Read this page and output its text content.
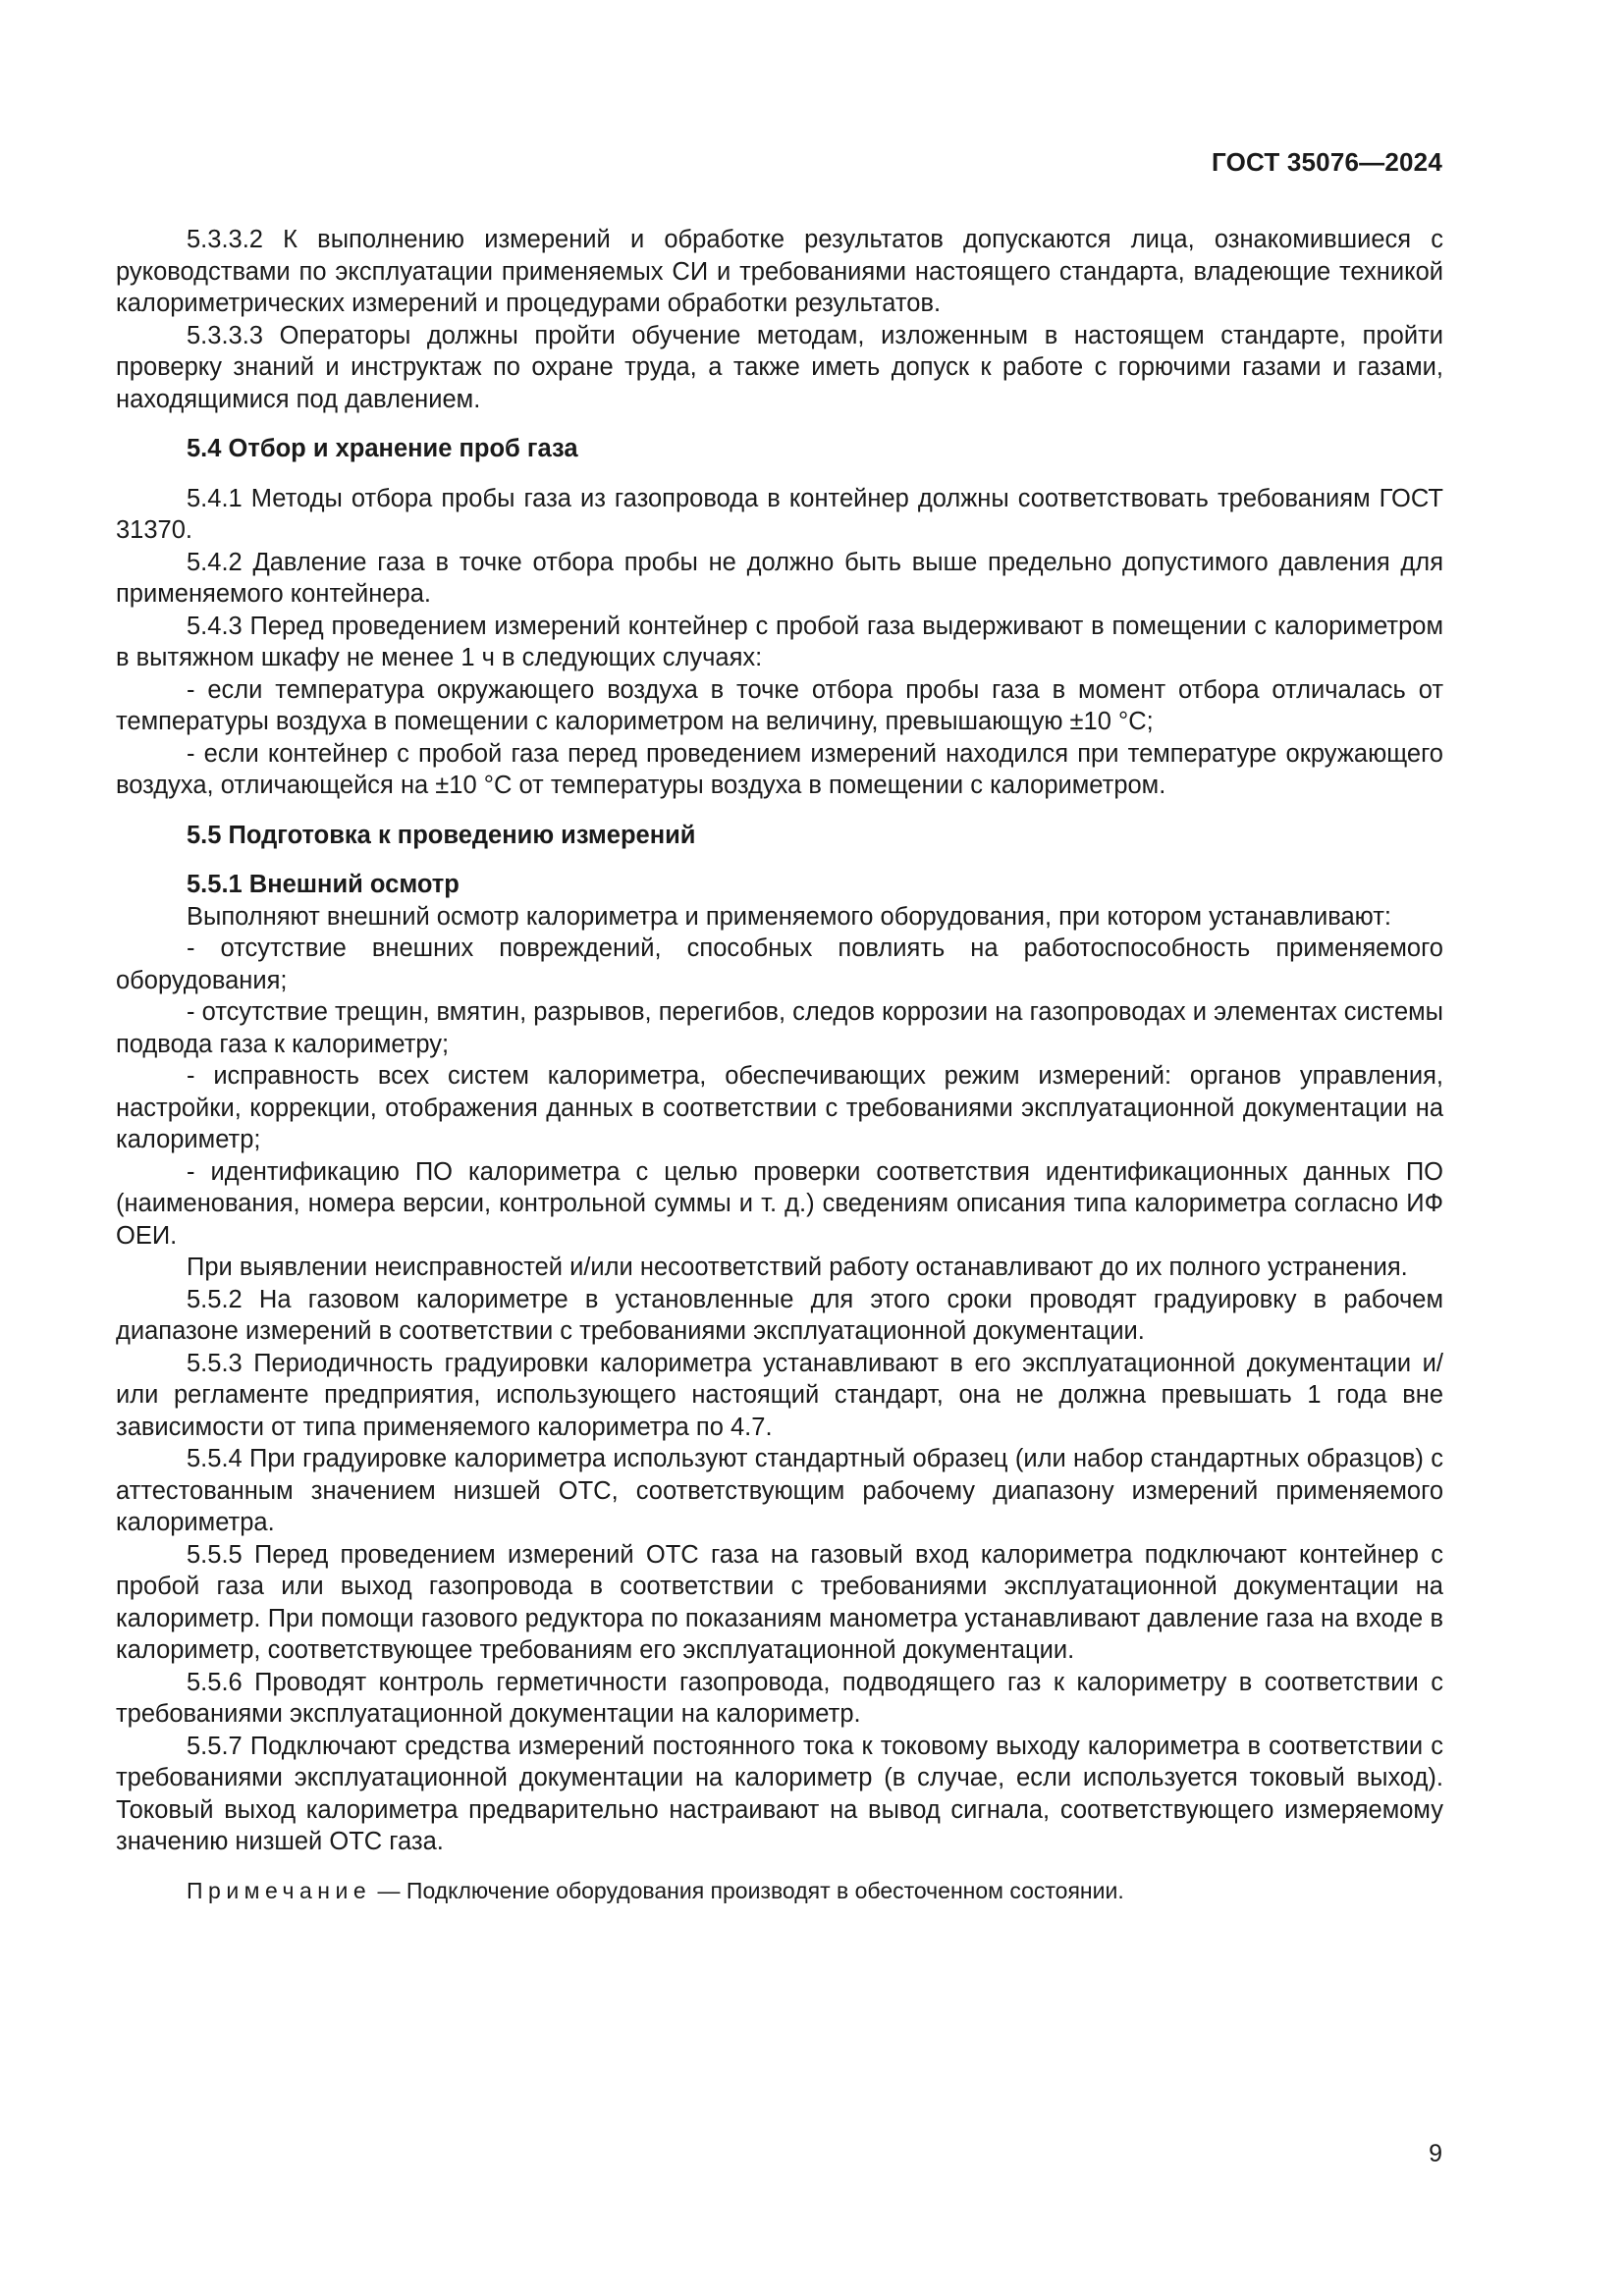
ГОСТ 35076—2024

5.3.3.2 К выполнению измерений и обработке результатов допускаются лица, ознакомившиеся с руководствами по эксплуатации применяемых СИ и требованиями настоящего стандарта, владеющие техникой калориметрических измерений и процедурами обработки результатов.

5.3.3.3 Операторы должны пройти обучение методам, изложенным в настоящем стандарте, пройти проверку знаний и инструктаж по охране труда, а также иметь допуск к работе с горючими газами и газами, находящимися под давлением.

5.4 Отбор и хранение проб газа

5.4.1 Методы отбора пробы газа из газопровода в контейнер должны соответствовать требованиям ГОСТ 31370.

5.4.2 Давление газа в точке отбора пробы не должно быть выше предельно допустимого давления для применяемого контейнера.

5.4.3 Перед проведением измерений контейнер с пробой газа выдерживают в помещении с калориметром в вытяжном шкафу не менее 1 ч в следующих случаях:

- если температура окружающего воздуха в точке отбора пробы газа в момент отбора отличалась от температуры воздуха в помещении с калориметром на величину, превышающую ±10 °С;

- если контейнер с пробой газа перед проведением измерений находился при температуре окружающего воздуха, отличающейся на ±10 °С от температуры воздуха в помещении с калориметром.

5.5 Подготовка к проведению измерений

5.5.1 Внешний осмотр

Выполняют внешний осмотр калориметра и применяемого оборудования, при котором устанавливают:

- отсутствие внешних повреждений, способных повлиять на работоспособность применяемого оборудования;

- отсутствие трещин, вмятин, разрывов, перегибов, следов коррозии на газопроводах и элементах системы подвода газа к калориметру;

- исправность всех систем калориметра, обеспечивающих режим измерений: органов управления, настройки, коррекции, отображения данных в соответствии с требованиями эксплуатационной документации на калориметр;

- идентификацию ПО калориметра с целью проверки соответствия идентификационных данных ПО (наименования, номера версии, контрольной суммы и т. д.) сведениям описания типа калориметра согласно ИФ ОЕИ.

При выявлении неисправностей и/или несоответствий работу останавливают до их полного устранения.

5.5.2 На газовом калориметре в установленные для этого сроки проводят градуировку в рабочем диапазоне измерений в соответствии с требованиями эксплуатационной документации.

5.5.3 Периодичность градуировки калориметра устанавливают в его эксплуатационной документации и/или регламенте предприятия, использующего настоящий стандарт, она не должна превышать 1 года вне зависимости от типа применяемого калориметра по 4.7.

5.5.4 При градуировке калориметра используют стандартный образец (или набор стандартных образцов) с аттестованным значением низшей ОТС, соответствующим рабочему диапазону измерений применяемого калориметра.

5.5.5 Перед проведением измерений ОТС газа на газовый вход калориметра подключают контейнер с пробой газа или выход газопровода в соответствии с требованиями эксплуатационной документации на калориметр. При помощи газового редуктора по показаниям манометра устанавливают давление газа на входе в калориметр, соответствующее требованиям его эксплуатационной документации.

5.5.6 Проводят контроль герметичности газопровода, подводящего газ к калориметру в соответствии с требованиями эксплуатационной документации на калориметр.

5.5.7 Подключают средства измерений постоянного тока к токовому выходу калориметра в соответствии с требованиями эксплуатационной документации на калориметр (в случае, если используется токовый выход). Токовый выход калориметра предварительно настраивают на вывод сигнала, соответствующего измеряемому значению низшей ОТС газа.

Примечание — Подключение оборудования производят в обесточенном состоянии.

9
